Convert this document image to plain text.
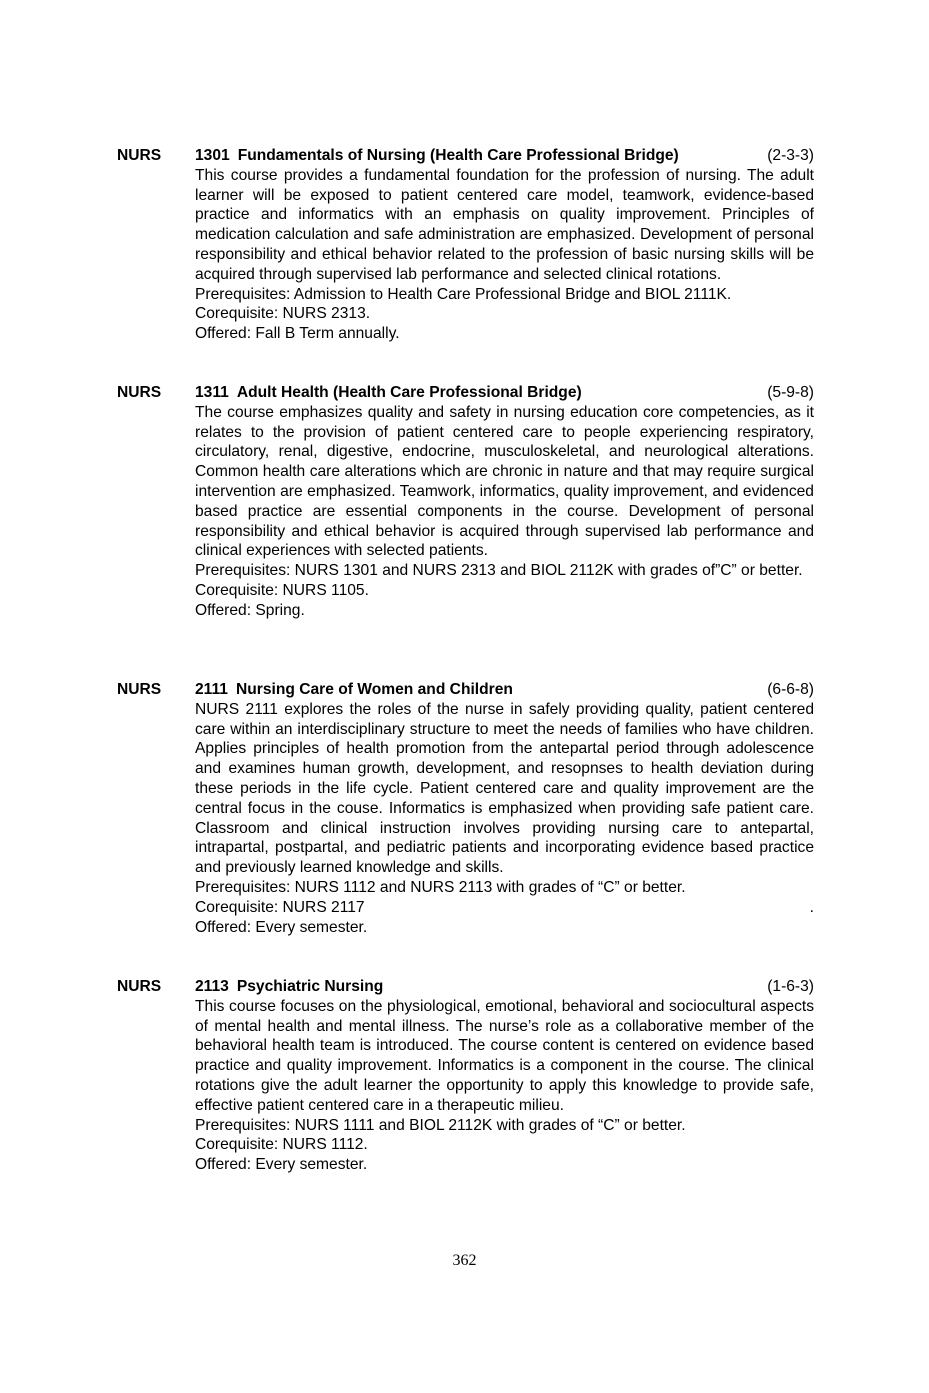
NURS 1301 Fundamentals of Nursing (Health Care Professional Bridge)	(2-3-3)

This course provides a fundamental foundation for the profession of nursing. The adult learner will be exposed to patient centered care model, teamwork, evidence-based practice and informatics with an emphasis on quality improvement. Principles of medication calculation and safe administration are emphasized. Development of personal responsibility and ethical behavior related to the profession of basic nursing skills will be acquired through supervised lab performance and selected clinical rotations.

Prerequisites: Admission to Health Care Professional Bridge and BIOL 2111K.

Corequisite: NURS 2313.

Offered: Fall B Term annually.

NURS 1311 Adult Health (Health Care Professional Bridge)	(5-9-8)

The course emphasizes quality and safety in nursing education core competencies, as it relates to the provision of patient centered care to people experiencing respiratory, circulatory, renal, digestive, endocrine, musculoskeletal, and neurological alterations. Common health care alterations which are chronic in nature and that may require surgical intervention are emphasized. Teamwork, informatics, quality improvement, and evidenced based practice are essential components in the course. Development of personal responsibility and ethical behavior is acquired through supervised lab performance and clinical experiences with selected patients.

Prerequisites: NURS 1301 and NURS 2313 and BIOL 2112K with grades of”C” or better.

Corequisite: NURS 1105.

Offered: Spring.

NURS 2111 Nursing Care of Women and Children	(6-6-8)

NURS 2111 explores the roles of the nurse in safely providing quality, patient centered care within an interdisciplinary structure to meet the needs of families who have children. Applies principles of health promotion from the antepartal period through adolescence and examines human growth, development, and resopnses to health deviation during these periods in the life cycle. Patient centered care and quality improvement are the central focus in the couse. Informatics is emphasized when providing safe patient care. Classroom and clinical instruction involves providing nursing care to antepartal, intrapartal, postpartal, and pediatric patients and incorporating evidence based practice and previously learned knowledge and skills.

Prerequisites: NURS 1112 and NURS 2113 with grades of “C” or better.

Corequisite: NURS 2117	.

Offered: Every semester.

NURS 2113 Psychiatric Nursing	(1-6-3)

This course focuses on the physiological, emotional, behavioral and sociocultural aspects of mental health and mental illness. The nurse’s role as a collaborative member of the behavioral health team is introduced. The course content is centered on evidence based practice and quality improvement. Informatics is a component in the course. The clinical rotations give the adult learner the opportunity to apply this knowledge to provide safe, effective patient centered care in a therapeutic milieu.

Prerequisites: NURS 1111 and BIOL 2112K with grades of “C” or better.

Corequisite: NURS 1112.

Offered: Every semester.

362
